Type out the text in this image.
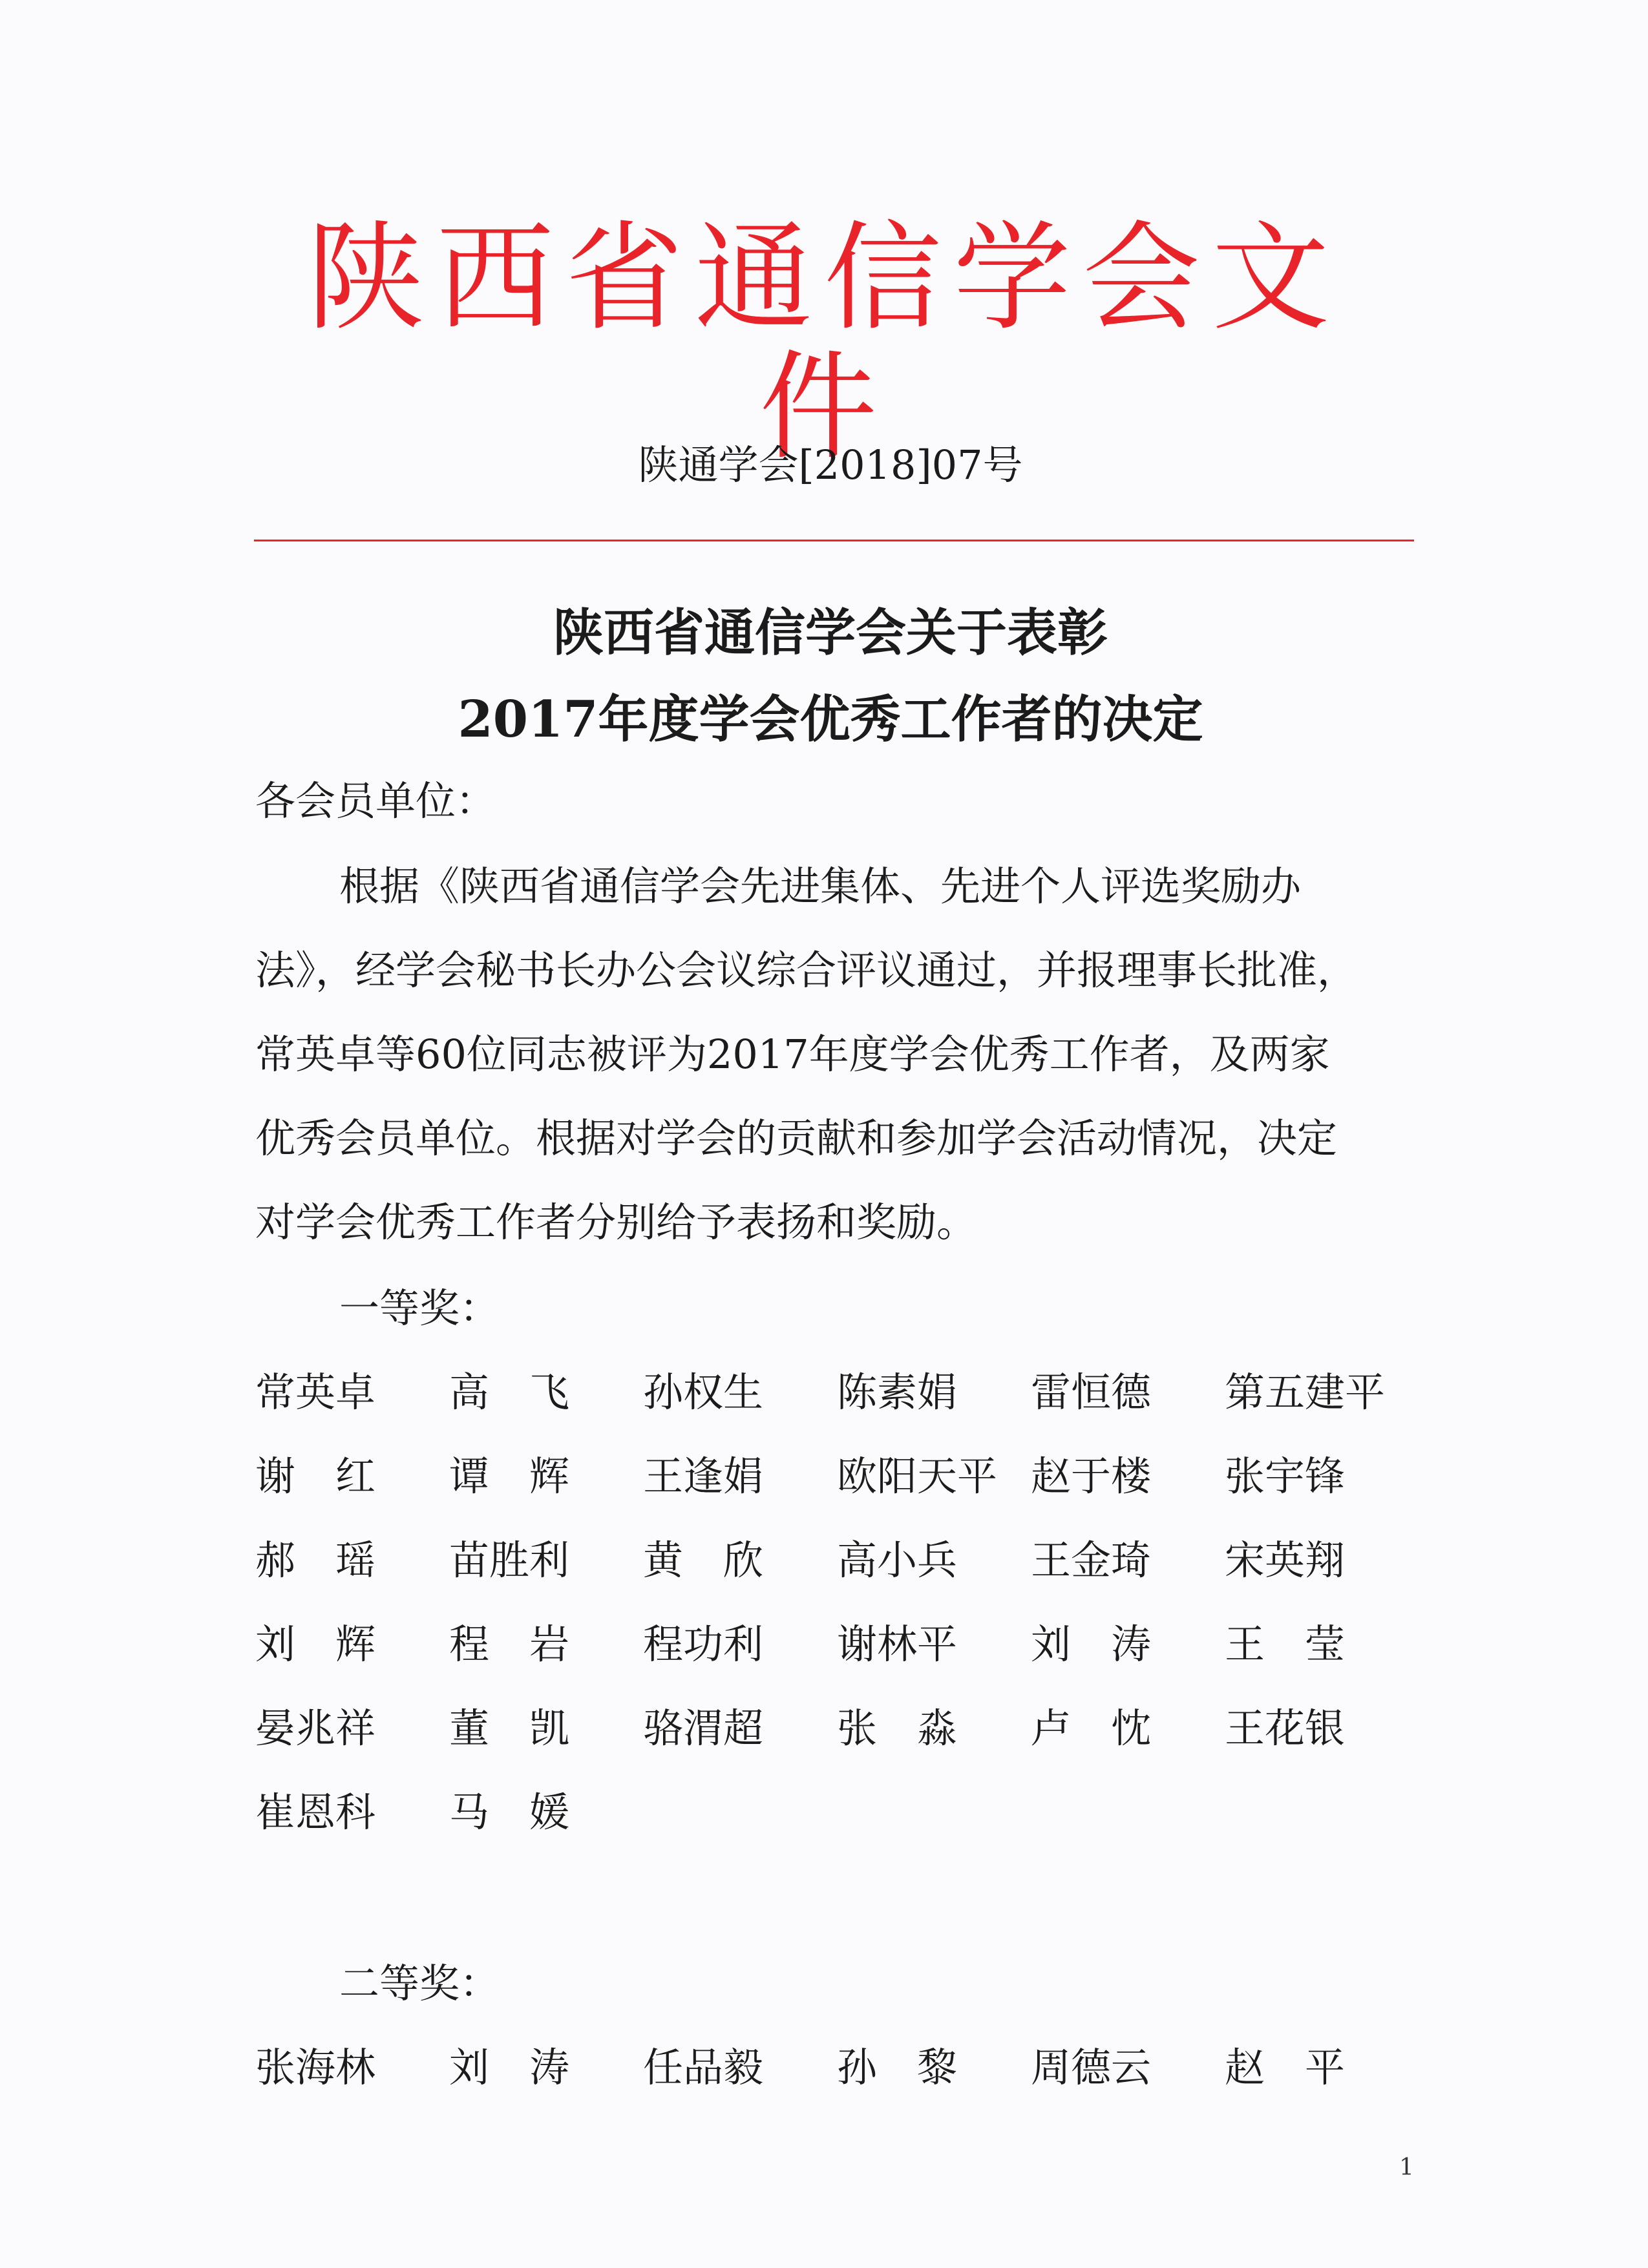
陕西省通信学会文件
陕通学会[2018]07号
陕西省通信学会关于表彰
2017年度学会优秀工作者的决定
各会员单位：
根据《陕西省通信学会先进集体、先进个人评选奖励办
法》，经学会秘书长办公会议综合评议通过，并报理事长批准，
常英卓等60位同志被评为2017年度学会优秀工作者，及两家
优秀会员单位。根据对学会的贡献和参加学会活动情况，决定
对学会优秀工作者分别给予表扬和奖励。
一等奖：
常英卓	高　飞	孙权生	陈素娟	雷恒德	第五建平
谢　红	谭　辉	王逢娟	欧阳天平 赵于楼	张宇锋
郝　瑶	苗胜利	黄　欣	高小兵	王金琦	宋英翔
刘　辉	程　岩	程功利	谢林平	刘　涛	王　莹
晏兆祥	董　凯	骆渭超	张　淼	卢　忱	王花银
崔恩科	马　媛
二等奖：
张海林	刘　涛	任品毅	孙　黎	周德云	赵　平
1
